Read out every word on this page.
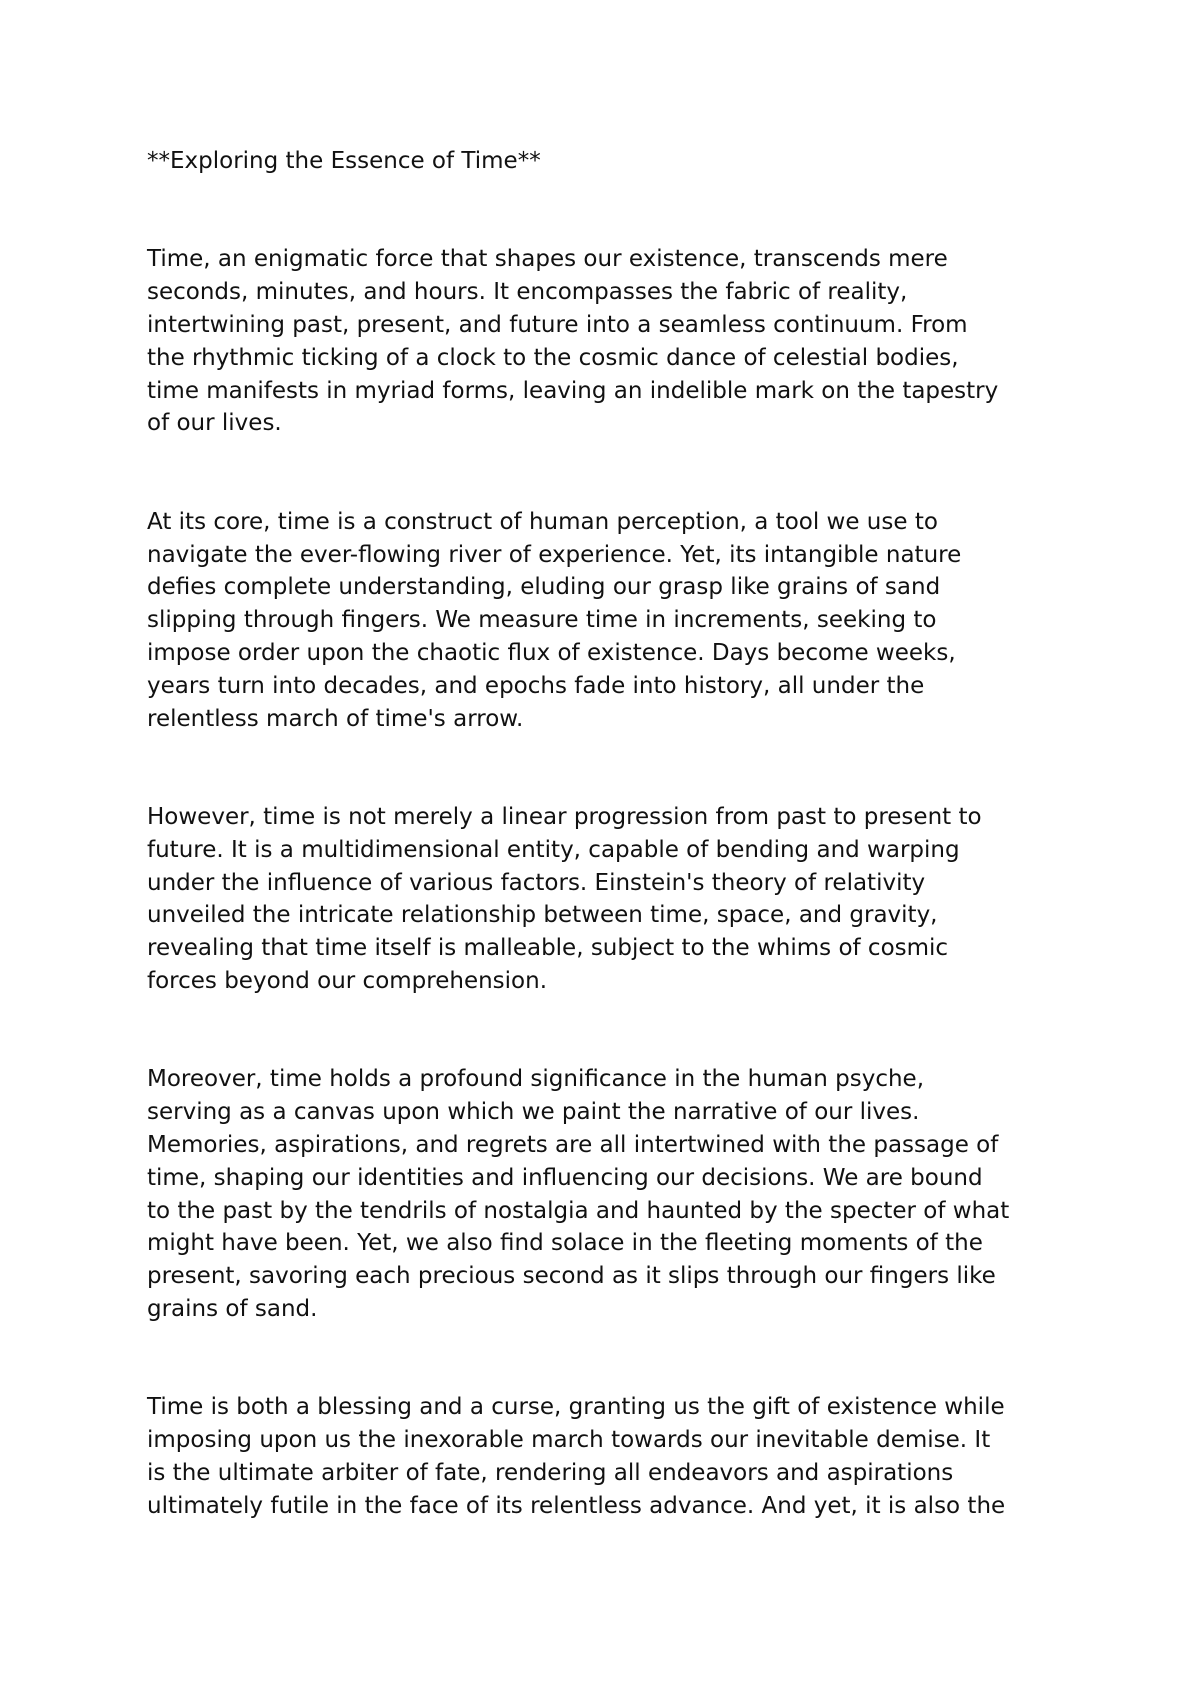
**Exploring the Essence of Time**

Time, an enigmatic force that shapes our existence, transcends mere
seconds, minutes, and hours. It encompasses the fabric of reality,
intertwining past, present, and future into a seamless continuum. From
the rhythmic ticking of a clock to the cosmic dance of celestial bodies,
time manifests in myriad forms, leaving an indelible mark on the tapestry
of our lives.

At its core, time is a construct of human perception, a tool we use to
navigate the ever-flowing river of experience. Yet, its intangible nature
defies complete understanding, eluding our grasp like grains of sand
slipping through fingers. We measure time in increments, seeking to
impose order upon the chaotic flux of existence. Days become weeks,
years turn into decades, and epochs fade into history, all under the
relentless march of time's arrow.

However, time is not merely a linear progression from past to present to
future. It is a multidimensional entity, capable of bending and warping
under the influence of various factors. Einstein's theory of relativity
unveiled the intricate relationship between time, space, and gravity,
revealing that time itself is malleable, subject to the whims of cosmic
forces beyond our comprehension.

Moreover, time holds a profound significance in the human psyche,
serving as a canvas upon which we paint the narrative of our lives.
Memories, aspirations, and regrets are all intertwined with the passage of
time, shaping our identities and influencing our decisions. We are bound
to the past by the tendrils of nostalgia and haunted by the specter of what
might have been. Yet, we also find solace in the fleeting moments of the
present, savoring each precious second as it slips through our fingers like
grains of sand.

Time is both a blessing and a curse, granting us the gift of existence while
imposing upon us the inexorable march towards our inevitable demise. It
is the ultimate arbiter of fate, rendering all endeavors and aspirations
ultimately futile in the face of its relentless advance. And yet, it is also the
